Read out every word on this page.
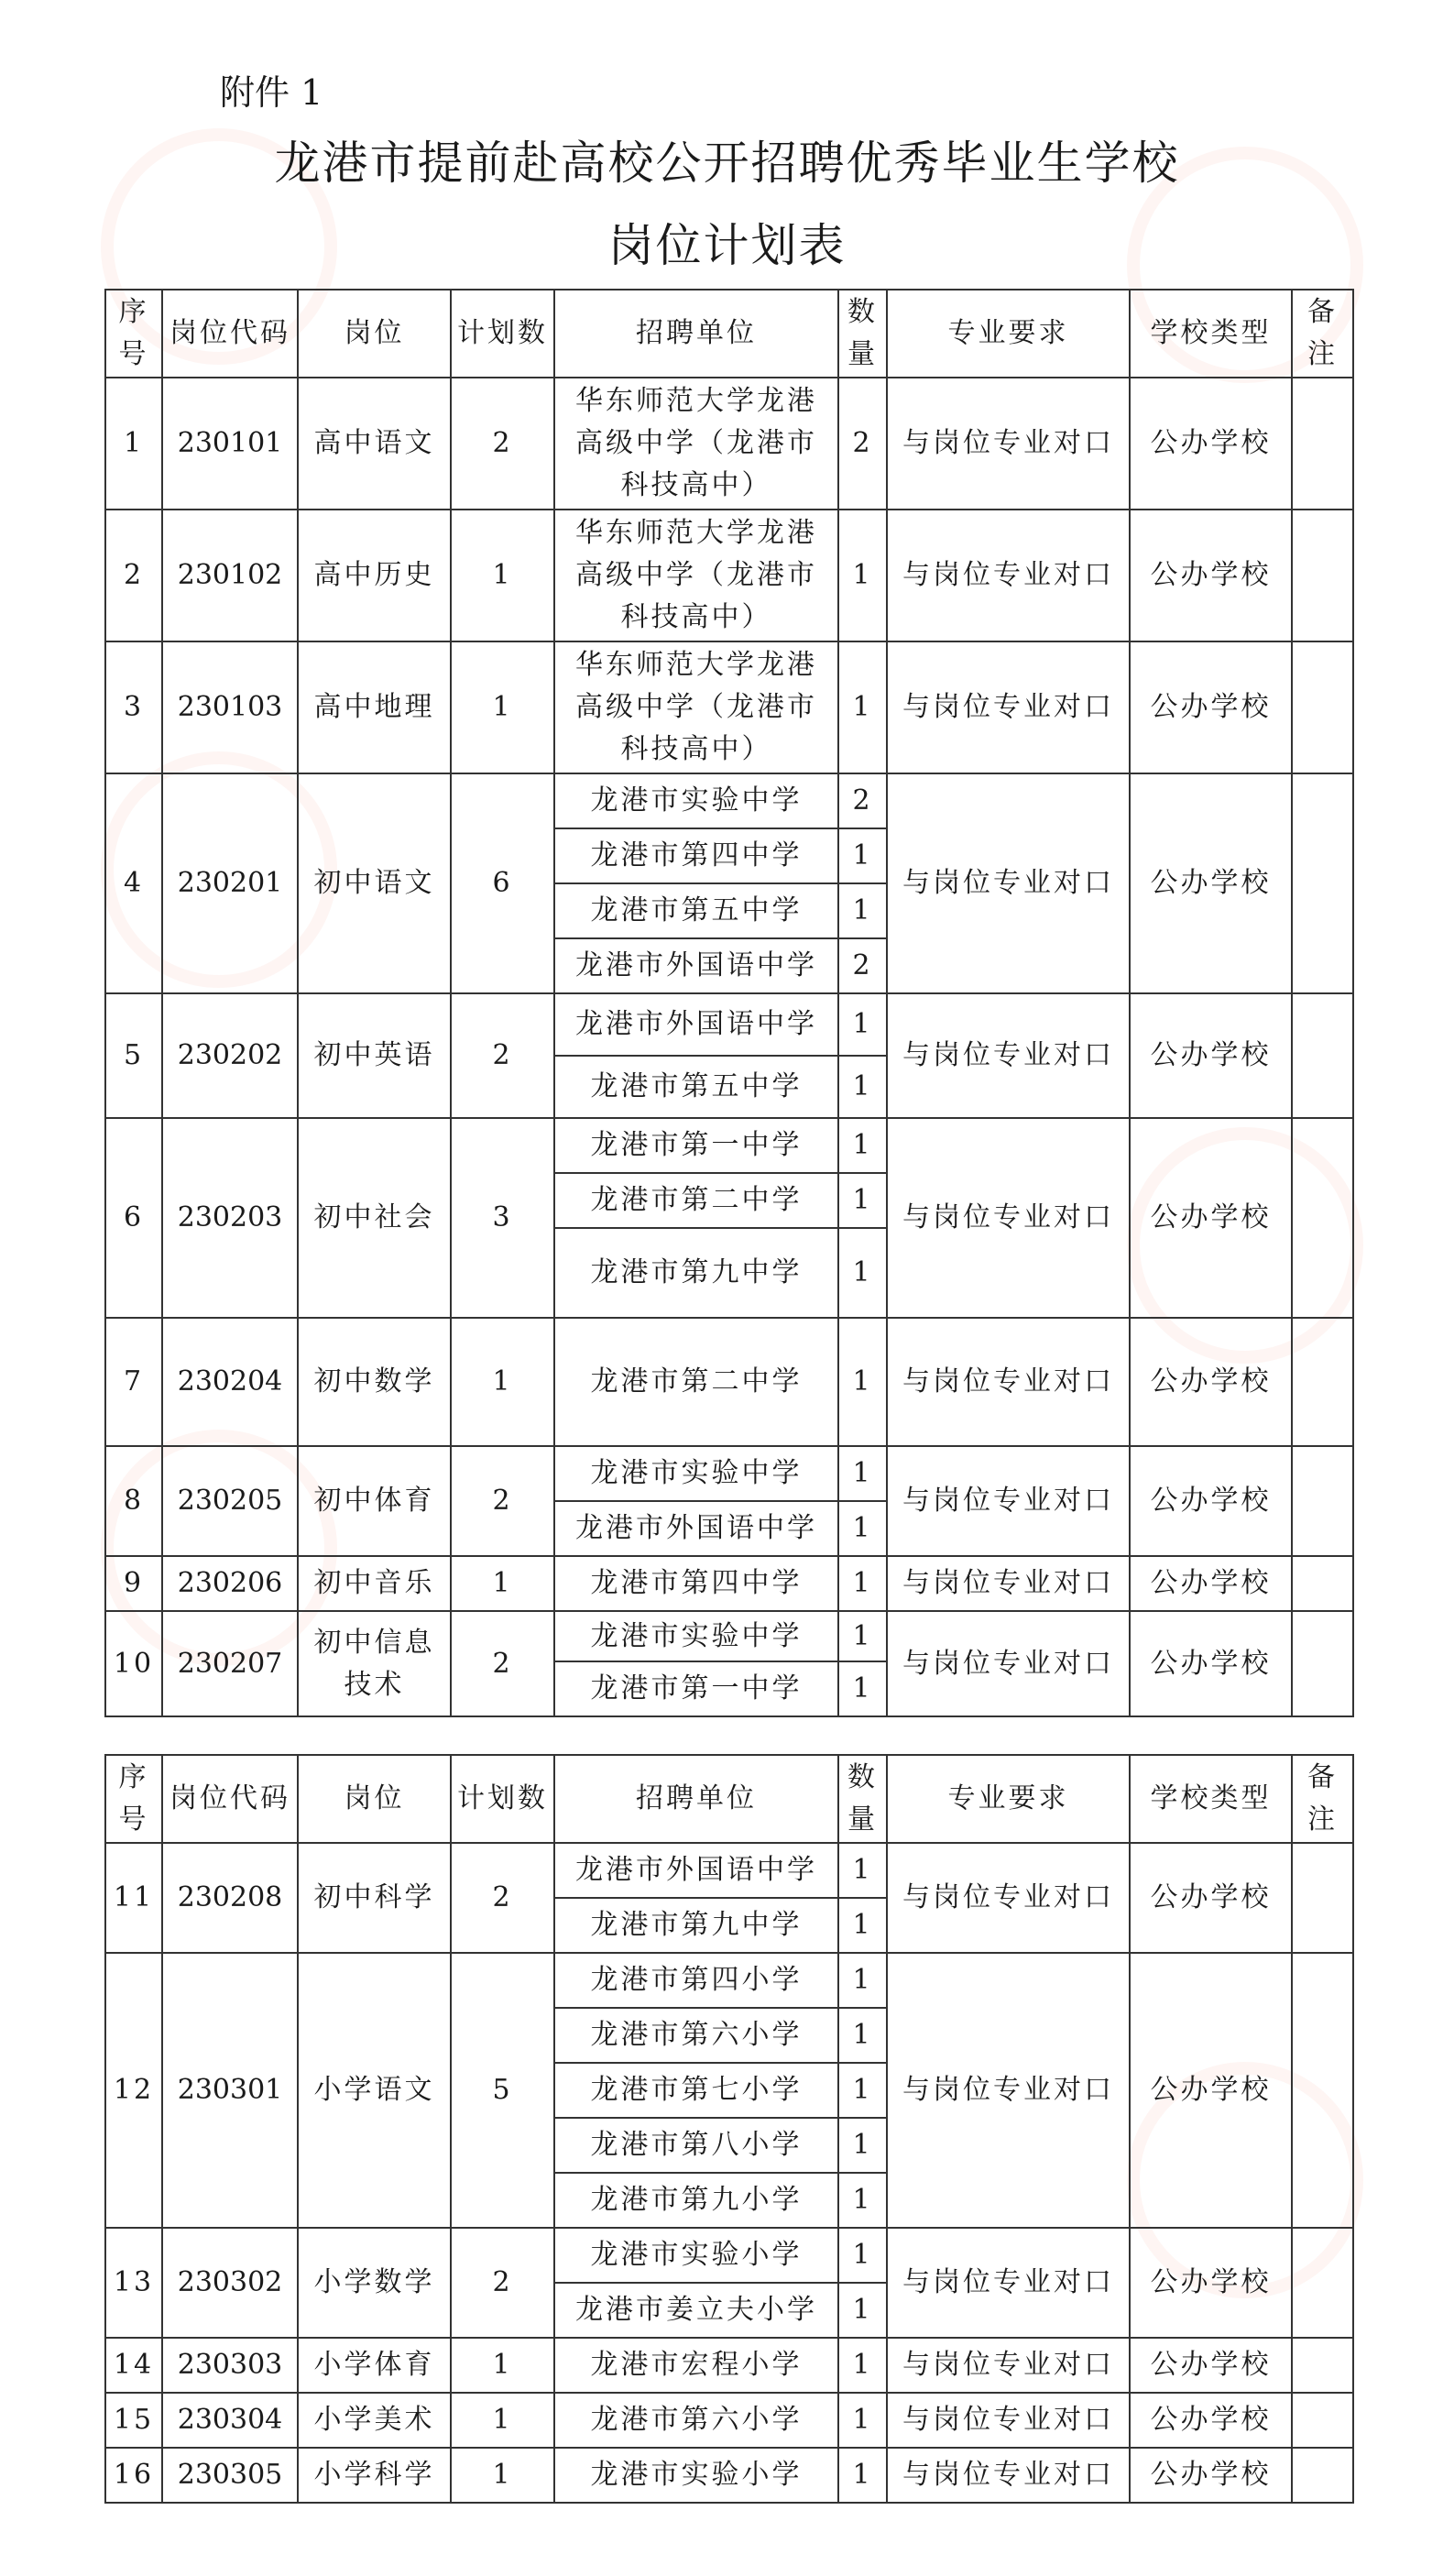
附件 1
龙港市提前赴高校公开招聘优秀毕业生学校
岗位计划表
序号	岗位代码	岗位	计划数	招聘单位	数量	专业要求	学校类型	备注
1	230101	高中语文	2	华东师范大学龙港高级中学（龙港市科技高中）	2	与岗位专业对口	公办学校	
2	230102	高中历史	1	华东师范大学龙港高级中学（龙港市科技高中）	1	与岗位专业对口	公办学校	
3	230103	高中地理	1	华东师范大学龙港高级中学（龙港市科技高中）	1	与岗位专业对口	公办学校	
4	230201	初中语文	6	龙港市实验中学	2	与岗位专业对口	公办学校	
				龙港市第四中学	1			
				龙港市第五中学	1			
				龙港市外国语中学	2			
5	230202	初中英语	2	龙港市外国语中学	1	与岗位专业对口	公办学校	
				龙港市第五中学	1			
6	230203	初中社会	3	龙港市第一中学	1	与岗位专业对口	公办学校	
				龙港市第二中学	1			
				龙港市第九中学	1			
7	230204	初中数学	1	龙港市第二中学	1	与岗位专业对口	公办学校	
8	230205	初中体育	2	龙港市实验中学	1	与岗位专业对口	公办学校	
				龙港市外国语中学	1			
9	230206	初中音乐	1	龙港市第四中学	1	与岗位专业对口	公办学校	
10	230207	初中信息技术	2	龙港市实验中学	1	与岗位专业对口	公办学校	
				龙港市第一中学	1			
序号	岗位代码	岗位	计划数	招聘单位	数量	专业要求	学校类型	备注
11	230208	初中科学	2	龙港市外国语中学	1	与岗位专业对口	公办学校	
				龙港市第九中学	1			
12	230301	小学语文	5	龙港市第四小学	1	与岗位专业对口	公办学校	
				龙港市第六小学	1			
				龙港市第七小学	1			
				龙港市第八小学	1			
				龙港市第九小学	1			
13	230302	小学数学	2	龙港市实验小学	1	与岗位专业对口	公办学校	
				龙港市姜立夫小学	1			
14	230303	小学体育	1	龙港市宏程小学	1	与岗位专业对口	公办学校	
15	230304	小学美术	1	龙港市第六小学	1	与岗位专业对口	公办学校	
16	230305	小学科学	1	龙港市实验小学	1	与岗位专业对口	公办学校	
